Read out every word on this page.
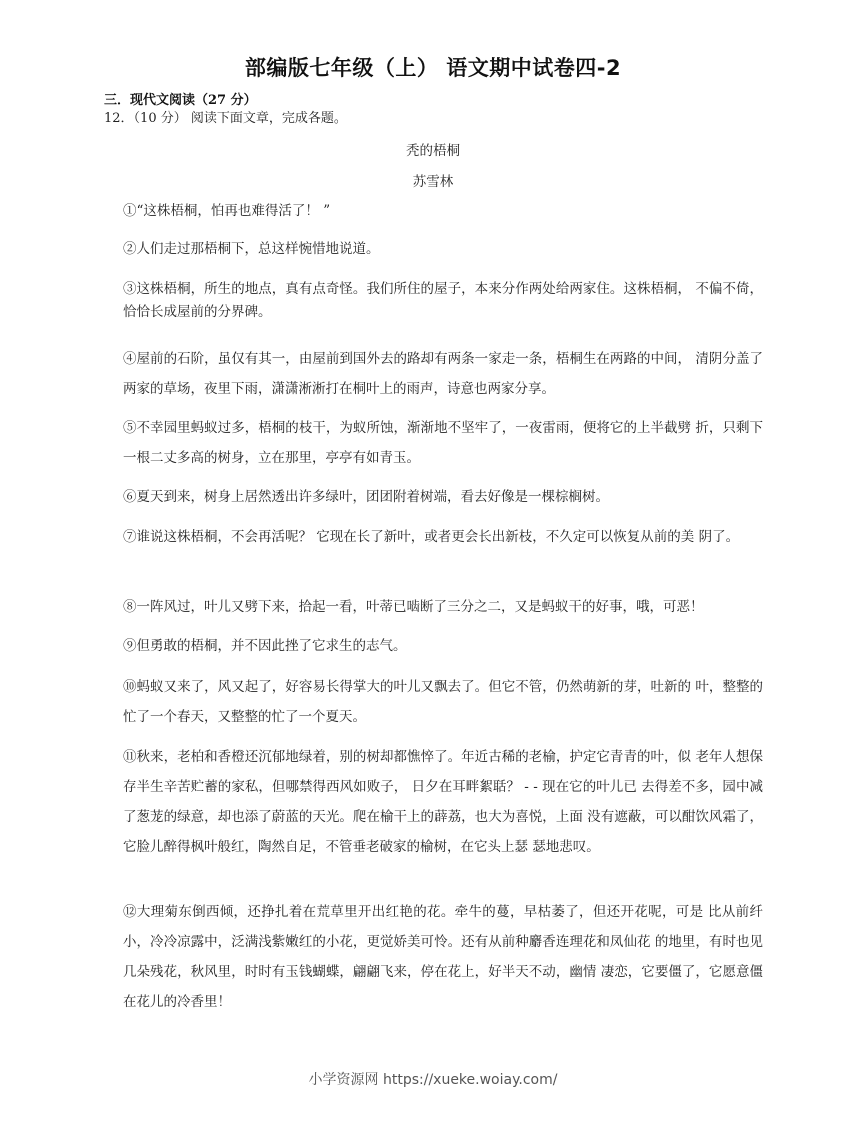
部编版七年级（上） 语文期中试卷四-2
三．现代文阅读（27 分）
12．（10 分） 阅读下面文章，完成各题。
秃的梧桐
苏雪林
①“这株梧桐，怕再也难得活了！ ”
②人们走过那梧桐下，总这样惋惜地说道。
③这株梧桐，所生的地点，真有点奇怪。我们所住的屋子，本来分作两处给两家住。这株梧桐， 不偏不倚，恰恰长成屋前的分界碑。
④屋前的石阶，虽仅有其一，由屋前到国外去的路却有两条一家走一条，梧桐生在两路的中间， 清阴分盖了两家的草场，夜里下雨，潇潇淅淅打在桐叶上的雨声，诗意也两家分享。
⑤不幸园里蚂蚁过多，梧桐的枝干，为蚁所蚀，渐渐地不坚牢了，一夜雷雨，便将它的上半截劈 折，只剩下一根二丈多高的树身，立在那里，亭亭有如青玉。
⑥夏天到来，树身上居然透出许多绿叶，团团附着树端，看去好像是一棵棕榈树。
⑦谁说这株梧桐，不会再活呢？ 它现在长了新叶，或者更会长出新枝，不久定可以恢复从前的美 阴了。
⑧一阵风过，叶儿又劈下来，拾起一看，叶蒂已啮断了三分之二，又是蚂蚁干的好事，哦，可恶！
⑨但勇敢的梧桐，并不因此挫了它求生的志气。
⑩蚂蚁又来了，风又起了，好容易长得掌大的叶儿又飘去了。但它不管，仍然萌新的芽，吐新的 叶，整整的忙了一个春天，又整整的忙了一个夏天。
⑪秋来，老柏和香橙还沉郁地绿着，别的树却都憔悴了。年近古稀的老榆，护定它青青的叶，似 老年人想保存半生辛苦贮蓄的家私，但哪禁得西风如败子， 日夕在耳畔絮聒？ - - 现在它的叶儿已 去得差不多，园中减了葱茏的绿意，却也添了蔚蓝的天光。爬在榆干上的薜荔，也大为喜悦，上面 没有遮蔽，可以酣饮风霜了，它脸儿醉得枫叶般红，陶然自足，不管垂老破家的榆树，在它头上瑟 瑟地悲叹。
⑫大理菊东倒西倾，还挣扎着在荒草里开出红艳的花。牵牛的蔓，早枯萎了，但还开花呢，可是 比从前纤小，冷冷凉露中，泛满浅紫嫩红的小花，更觉娇美可怜。还有从前种麝香连理花和凤仙花 的地里，有时也见几朵残花，秋风里，时时有玉钱蝴蝶，翩翩飞来，停在花上，好半天不动，幽情 凄恋，它要僵了，它愿意僵在花儿的冷香里！
小学资源网 https://xueke.woiay.com/
